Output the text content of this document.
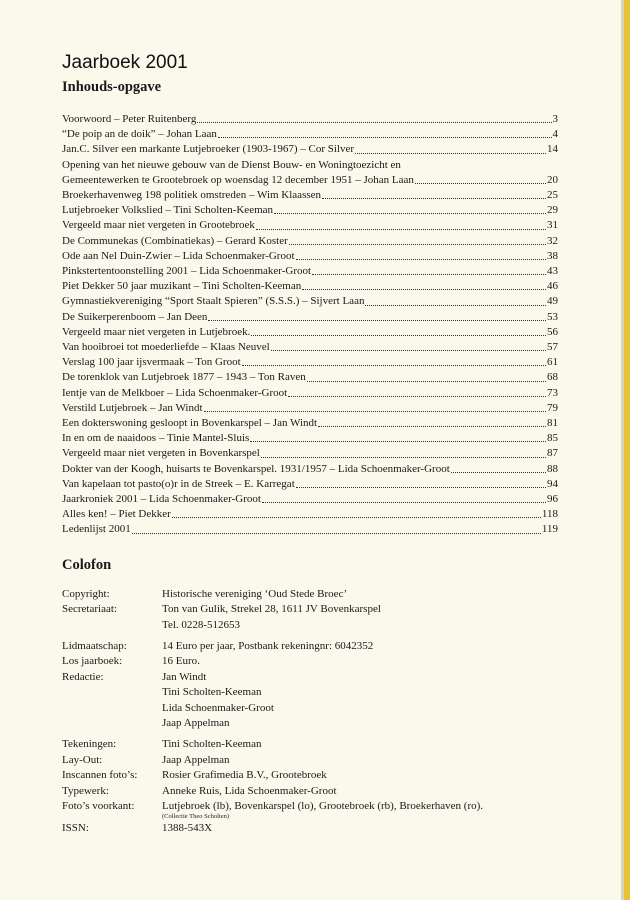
Jaarboek 2001
Inhouds-opgave
Voorwoord – Peter Ruitenberg	3
“De poip an de doik” – Johan Laan	4
Jan.C. Silver een markante Lutjebroeker (1903-1967) – Cor Silver	14
Opening van het nieuwe gebouw van de Dienst Bouw- en Woningtoezicht en
Gemeentewerken te Grootebroek op woensdag 12 december 1951 – Johan Laan	20
Broekerhavenweg 198 politiek omstreden – Wim Klaassen	25
Lutjebroeker Volkslied – Tini Scholten-Keeman	29
Vergeeld maar niet vergeten in Grootebroek	31
De Communekas (Combinatiekas) – Gerard Koster	32
Ode aan Nel Duin-Zwier – Lida Schoenmaker-Groot	38
Pinkstertentoonstelling 2001 – Lida Schoenmaker-Groot	43
Piet Dekker 50 jaar muzikant – Tini Scholten-Keeman	46
Gymnastiekvereniging “Sport Staalt Spieren” (S.S.S.) – Sijvert Laan	49
De Suikerperenboom – Jan Deen	53
Vergeeld maar niet vergeten in Lutjebroek.	56
Van hooibroei tot moederliefde – Klaas Neuvel	57
Verslag 100 jaar ijsvermaak – Ton Groot	61
De torenklok van Lutjebroek 1877 – 1943 – Ton Raven	68
Ientje van de Melkboer – Lida Schoenmaker-Groot	73
Verstild Lutjebroek – Jan Windt	79
Een dokterswoning gesloopt in Bovenkarspel – Jan Windt	81
In en om de naaidoos – Tinie Mantel-Sluis	85
Vergeeld maar niet vergeten in Bovenkarspel	87
Dokter van der Koogh, huisarts te Bovenkarspel. 1931/1957 – Lida Schoenmaker-Groot	88
Van kapelaan tot pasto(o)r in de Streek – E. Karregat	94
Jaarkroniek 2001 – Lida Schoenmaker-Groot	96
Alles ken! – Piet Dekker	118
Ledenlijst 2001	119
Colofon
Copyright:	Historische vereniging ‘Oud Stede Broec’
Secretariaat:	Ton van Gulik, Strekel 28, 1611 JV Bovenkarspel
Tel. 0228-512653
Lidmaatschap:	14 Euro per jaar, Postbank rekeningnr: 6042352
Los jaarboek:	16 Euro.
Redactie:	Jan Windt
Tini Scholten-Keeman
Lida Schoenmaker-Groot
Jaap Appelman
Tekeningen:	Tini Scholten-Keeman
Lay-Out:	Jaap Appelman
Inscannen foto’s:	Rosier Grafimedia B.V., Grootebroek
Typewerk:	Anneke Ruis, Lida Schoenmaker-Groot
Foto’s voorkant:	Lutjebroek (lb), Bovenkarspel (lo), Grootebroek (rb), Broekerhaven (ro).
(Collectie Theo Scholten)
ISSN:	1388-543X
